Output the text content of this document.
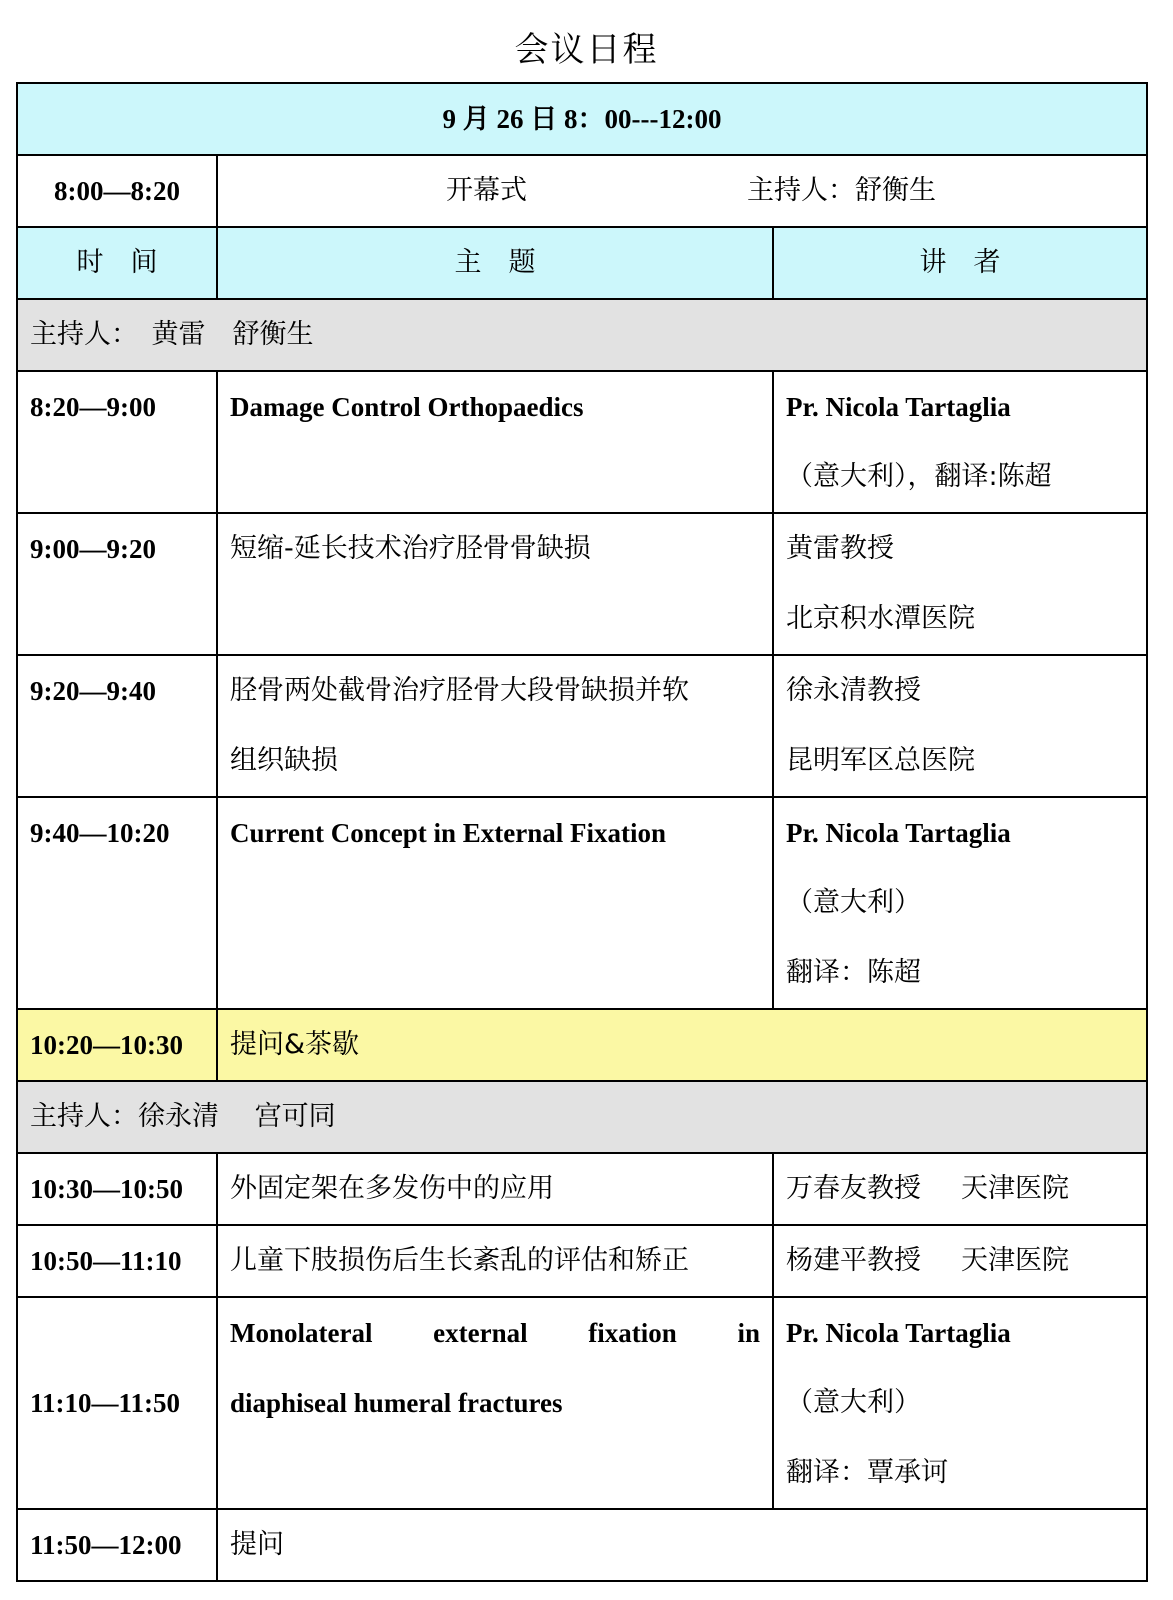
会议日程
9 月 26 日 8：00---12:00		
8:00—8:20	开幕式 主持人：舒衡生	
时　间	主　题	讲　者
主持人：　黄雷　舒衡生		
8:20—9:00	Damage Control Orthopaedics	Pr. Nicola Tartaglia
（意大利），翻译:陈超

9:00—9:20	短缩-延长技术治疗胫骨骨缺损	黄雷教授
北京积水潭医院

9:20—9:40	胫骨两处截骨治疗胫骨大段骨缺损并软
组织缺损	徐永清教授
昆明军区总医院

9:40—10:20	Current Concept in External Fixation	Pr. Nicola Tartaglia
（意大利）
翻译：陈超

10:20—10:30	提问&茶歇	
主持人：徐永清　 宫可同		
10:30—10:50	外固定架在多发伤中的应用	万春友教授 天津医院
10:50—11:10	儿童下肢损伤后生长紊乱的评估和矫正	杨建平教授 天津医院
11:10—11:50	Monolateral external fixation in
diaphiseal humeral fractures	Pr. Nicola Tartaglia
（意大利）
翻译：覃承诃

11:50—12:00	提问	
